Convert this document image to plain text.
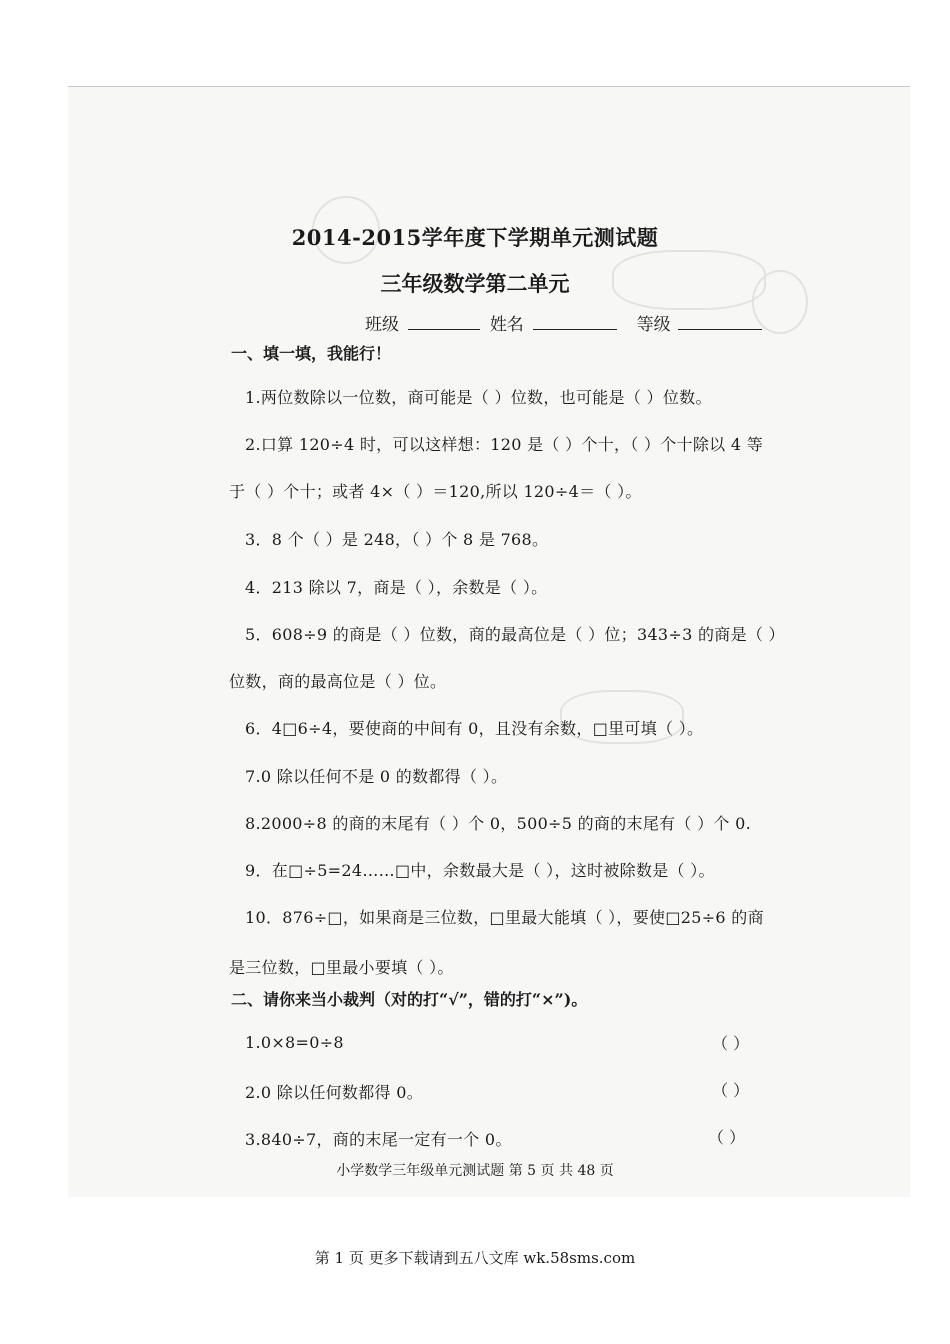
2014-2015学年度下学期单元测试题
三年级数学第二单元
班级	姓名	等级
一、填一填，我能行！
1.两位数除以一位数，商可能是（ ）位数，也可能是（ ）位数。
2.口算 120÷4 时，可以这样想：120 是（ ）个十，（ ）个十除以 4 等
于（ ）个十；或者 4×（ ）＝120,所以 120÷4＝（ ）。
3．8 个（ ）是 248，（ ）个 8 是 768。
4．213 除以 7，商是（ ），余数是（ ）。
5．608÷9 的商是（ ）位数，商的最高位是（ ）位；343÷3 的商是（ ）
位数，商的最高位是（ ）位。
6．4□6÷4，要使商的中间有 0，且没有余数，□里可填（ ）。
7.0 除以任何不是 0 的数都得（ ）。
8.2000÷8 的商的末尾有（ ）个 0，500÷5 的商的末尾有（ ）个 0.
9．在□÷5=24……□中，余数最大是（ ），这时被除数是（ ）。
10．876÷□，如果商是三位数，□里最大能填（ ），要使□25÷6 的商
是三位数，□里最小要填（ ）。
二、请你来当小裁判（对的打“√”，错的打“×”)。
1.0×8=0÷8	（ ）
2.0 除以任何数都得 0。	（ ）
3.840÷7，商的末尾一定有一个 0。	（ ）
小学数学三年级单元测试题 第 5 页 共 48 页
第 1 页 更多下载请到五八文库 wk.58sms.com
